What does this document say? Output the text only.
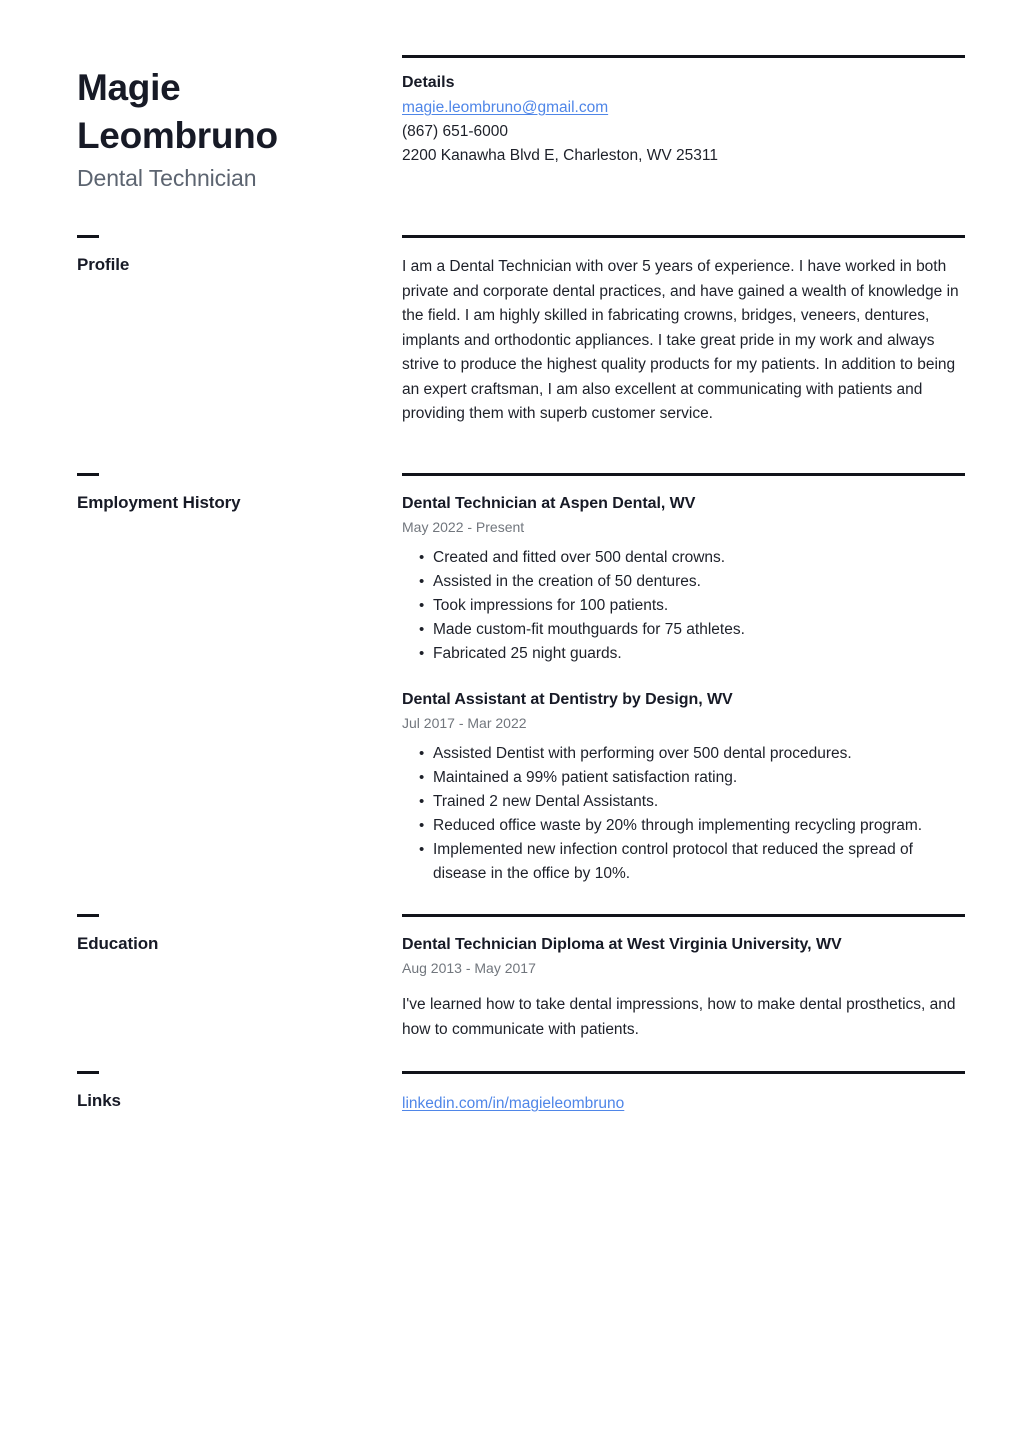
Magie
Leombruno
Dental Technician
Details
magie.leombruno@gmail.com
(867) 651-6000
2200 Kanawha Blvd E, Charleston, WV 25311
Profile	I am a Dental Technician with over 5 years of experience. I have worked in both private and corporate dental practices, and have gained a wealth of knowledge in the field. I am highly skilled in fabricating crowns, bridges, veneers, dentures, implants and orthodontic appliances. I take great pride in my work and always strive to produce the highest quality products for my patients. In addition to being an expert craftsman, I am also excellent at communicating with patients and providing them with superb customer service.

Employment History	Dental Technician at Aspen Dental, WV
May 2022 - Present
• Created and fitted over 500 dental crowns.
• Assisted in the creation of 50 dentures.
• Took impressions for 100 patients.
• Made custom-fit mouthguards for 75 athletes.
• Fabricated 25 night guards.
Dental Assistant at Dentistry by Design, WV
Jul 2017 - Mar 2022
• Assisted Dentist with performing over 500 dental procedures.
• Maintained a 99% patient satisfaction rating.
• Trained 2 new Dental Assistants.
• Reduced office waste by 20% through implementing recycling program.
• Implemented new infection control protocol that reduced the spread of disease in the office by 10%.
Education	Dental Technician Diploma at West Virginia University, WV
Aug 2013 - May 2017

I've learned how to take dental impressions, how to make dental prosthetics, and how to communicate with patients.

Links	linkedin.com/in/magieleombruno
